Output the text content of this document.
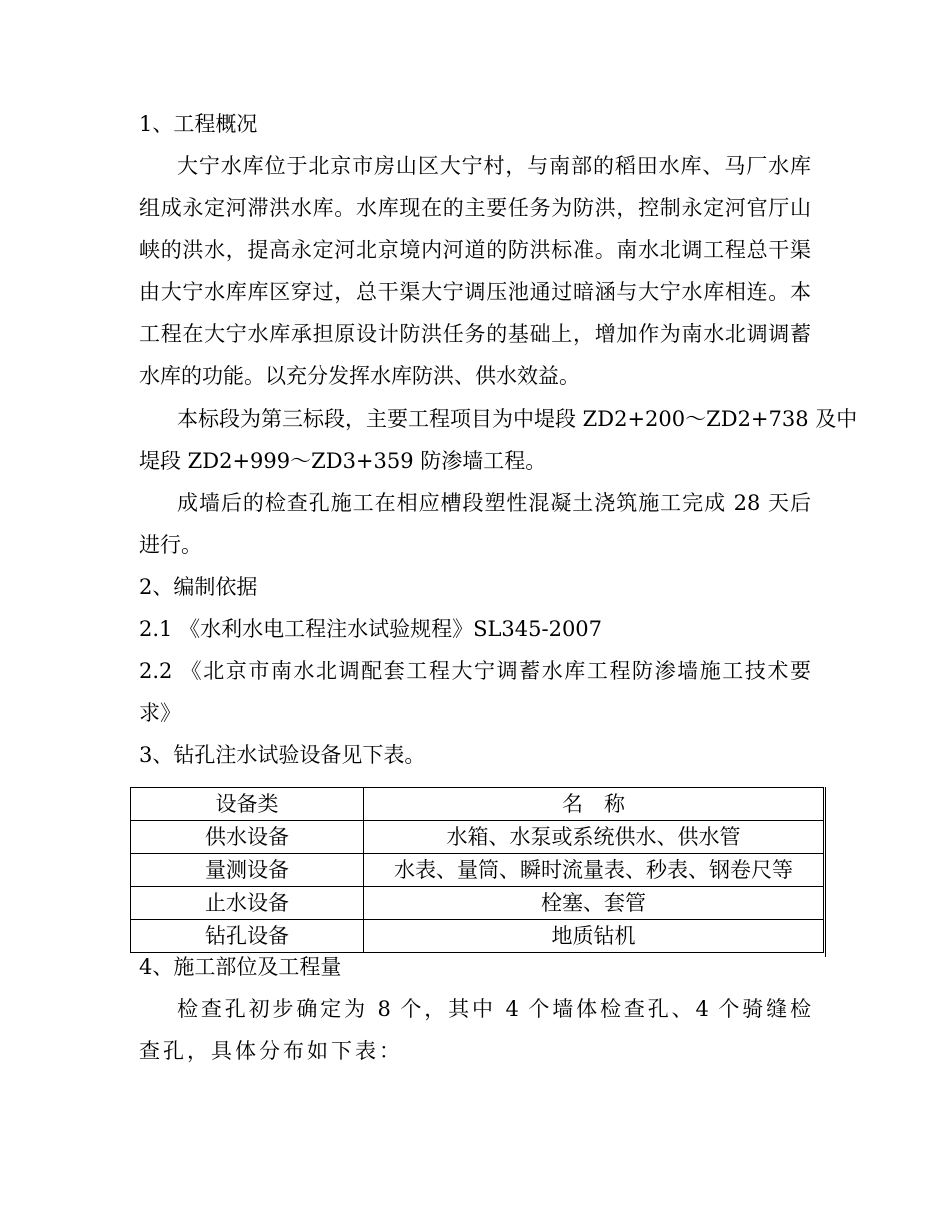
1、工程概况
大宁水库位于北京市房山区大宁村，与南部的稻田水库、马厂水库
组成永定河滞洪水库。水库现在的主要任务为防洪，控制永定河官厅山
峡的洪水，提高永定河北京境内河道的防洪标准。南水北调工程总干渠
由大宁水库库区穿过，总干渠大宁调压池通过暗涵与大宁水库相连。本
工程在大宁水库承担原设计防洪任务的基础上，增加作为南水北调调蓄
水库的功能。以充分发挥水库防洪、供水效益。
本标段为第三标段，主要工程项目为中堤段 ZD2+200～ZD2+738 及中
堤段 ZD2+999～ZD3+359 防渗墙工程。
成墙后的检查孔施工在相应槽段塑性混凝土浇筑施工完成 28 天后
进行。
2、编制依据
2.1 《水利水电工程注水试验规程》SL345-2007
2.2 《北京市南水北调配套工程大宁调蓄水库工程防渗墙施工技术要
求》
3、钻孔注水试验设备见下表。
设备类	名　称
供水设备	水箱、水泵或系统供水、供水管
量测设备	水表、量筒、瞬时流量表、秒表、钢卷尺等
止水设备	栓塞、套管
钻孔设备	地质钻机
4、施工部位及工程量
检查孔初步确定为 8 个，其中 4 个墙体检查孔、4 个骑缝检
查孔，具体分布如下表：
